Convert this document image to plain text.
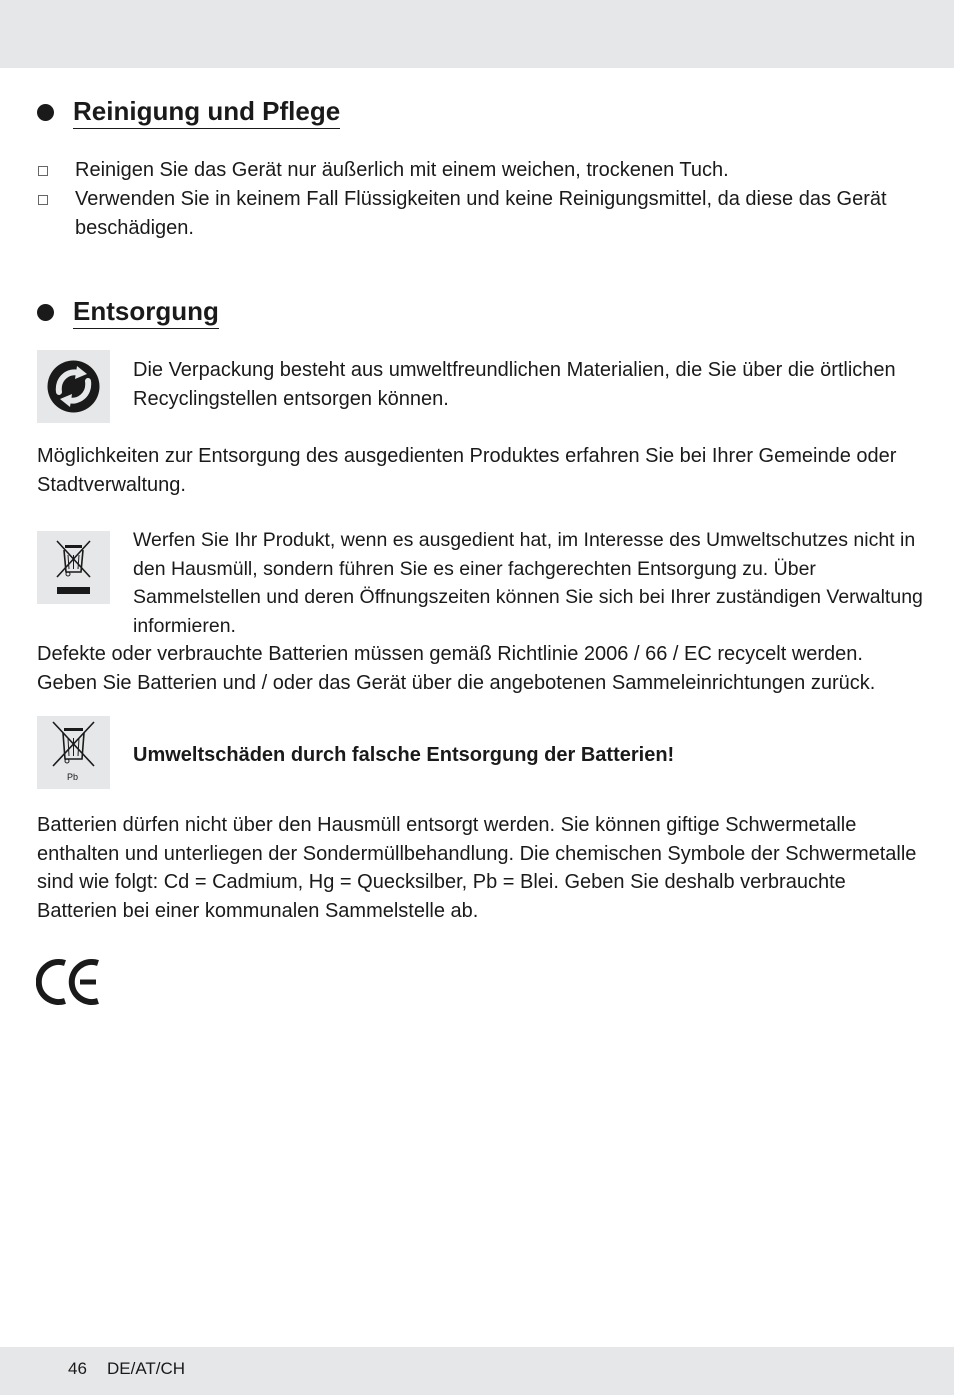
Reinigung und Pflege
Reinigen Sie das Gerät nur äußerlich mit einem weichen, trockenen Tuch.
Verwenden Sie in keinem Fall Flüssigkeiten und keine Reinigungsmittel, da diese das Gerät beschädigen.
Entsorgung
Die Verpackung besteht aus umweltfreundlichen Materialien, die Sie über die örtlichen Recyclingstellen entsorgen können.
Möglichkeiten zur Entsorgung des ausgedienten Produktes erfahren Sie bei Ihrer Gemeinde oder Stadtverwaltung.
Werfen Sie Ihr Produkt, wenn es ausgedient hat, im Interesse des Umweltschutzes nicht in den Hausmüll, sondern führen Sie es einer fachgerechten Entsorgung zu. Über Sammelstellen und deren Öffnungszeiten können Sie sich bei Ihrer zuständigen Verwaltung informieren.
Defekte oder verbrauchte Batterien müssen gemäß Richtlinie 2006 / 66 / EC recycelt werden. Geben Sie Batterien und / oder das Gerät über die angebotenen Sammeleinrichtungen zurück.
Pb
Umweltschäden durch falsche Entsorgung der Batterien!
Batterien dürfen nicht über den Hausmüll entsorgt werden. Sie können giftige Schwermetalle enthalten und unterliegen der Sondermüllbehandlung. Die chemischen Symbole der Schwermetalle sind wie folgt: Cd = Cadmium, Hg = Quecksilber, Pb = Blei. Geben Sie deshalb verbrauchte Batterien bei einer kommunalen Sammelstelle ab.
46 DE/AT/CH
